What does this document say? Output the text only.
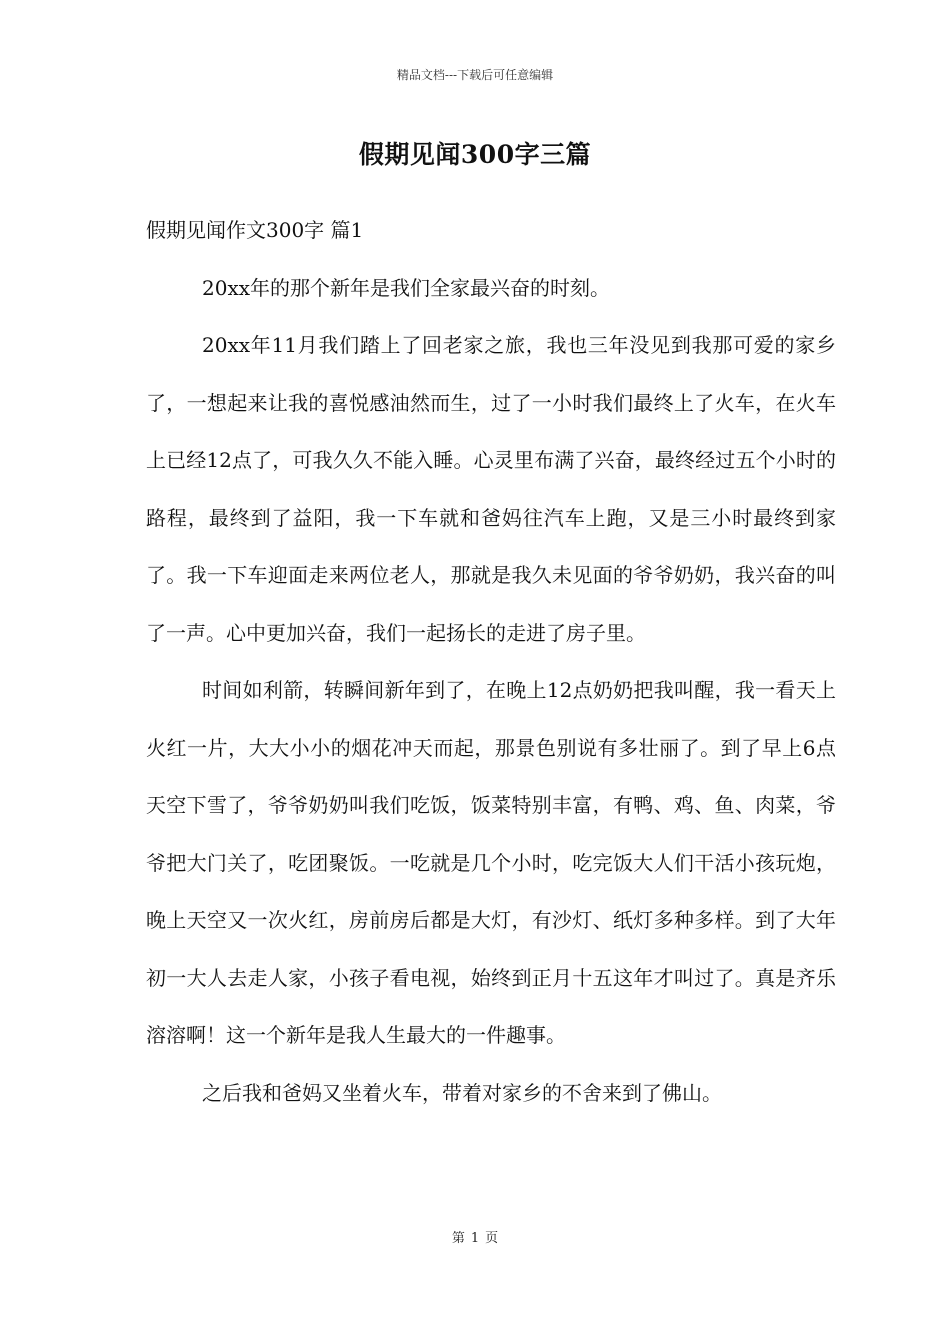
精品文档---下载后可任意编辑
假期见闻300字三篇

假期见闻作文300字 篇1

20xx年的那个新年是我们全家最兴奋的时刻。

20xx年11月我们踏上了回老家之旅，我也三年没见到我那可爱的家乡了，一想起来让我的喜悦感油然而生，过了一小时我们最终上了火车，在火车上已经12点了，可我久久不能入睡。心灵里布满了兴奋，最终经过五个小时的路程，最终到了益阳，我一下车就和爸妈往汽车上跑，又是三小时最终到家了。我一下车迎面走来两位老人，那就是我久未见面的爷爷奶奶，我兴奋的叫了一声。心中更加兴奋，我们一起扬长的走进了房子里。

时间如利箭，转瞬间新年到了，在晚上12点奶奶把我叫醒，我一看天上火红一片，大大小小的烟花冲天而起，那景色别说有多壮丽了。到了早上6点天空下雪了，爷爷奶奶叫我们吃饭，饭菜特别丰富，有鸭、鸡、鱼、肉菜，爷爷把大门关了，吃团聚饭。一吃就是几个小时，吃完饭大人们干活小孩玩炮，晚上天空又一次火红，房前房后都是大灯，有沙灯、纸灯多种多样。到了大年初一大人去走人家，小孩子看电视，始终到正月十五这年才叫过了。真是齐乐溶溶啊！这一个新年是我人生最大的一件趣事。

之后我和爸妈又坐着火车，带着对家乡的不舍来到了佛山。

第 1 页
